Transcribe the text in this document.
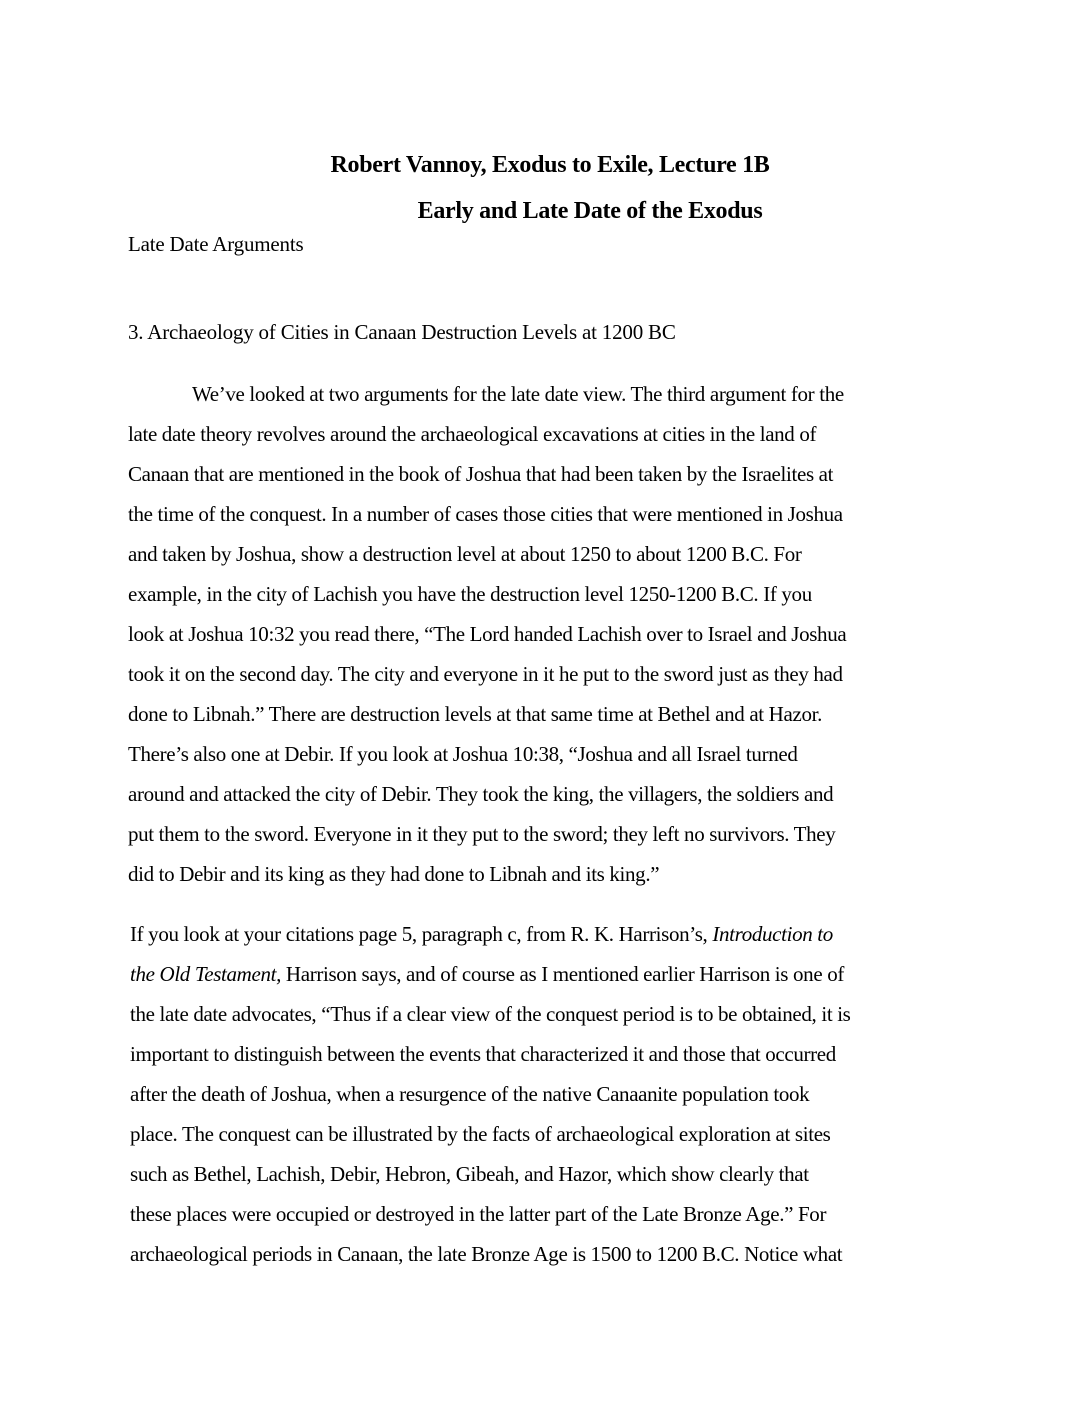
Robert Vannoy, Exodus to Exile, Lecture 1B
Early and Late Date of the Exodus
Late Date Arguments
3. Archaeology of Cities in Canaan Destruction Levels at 1200 BC
We’ve looked at two arguments for the late date view. The third argument for the
late date theory revolves around the archaeological excavations at cities in the land of
Canaan that are mentioned in the book of Joshua that had been taken by the Israelites at
the time of the conquest. In a number of cases those cities that were mentioned in Joshua
and taken by Joshua, show a destruction level at about 1250 to about 1200 B.C. For
example, in the city of Lachish you have the destruction level 1250-1200 B.C. If you
look at Joshua 10:32 you read there, “The Lord handed Lachish over to Israel and Joshua
took it on the second day. The city and everyone in it he put to the sword just as they had
done to Libnah.” There are destruction levels at that same time at Bethel and at Hazor.
There’s also one at Debir. If you look at Joshua 10:38, “Joshua and all Israel turned
around and attacked the city of Debir. They took the king, the villagers, the soldiers and
put them to the sword. Everyone in it they put to the sword; they left no survivors. They
did to Debir and its king as they had done to Libnah and its king.”
If you look at your citations page 5, paragraph c, from R. K. Harrison’s, Introduction to
the Old Testament, Harrison says, and of course as I mentioned earlier Harrison is one of
the late date advocates, “Thus if a clear view of the conquest period is to be obtained, it is
important to distinguish between the events that characterized it and those that occurred
after the death of Joshua, when a resurgence of the native Canaanite population took
place. The conquest can be illustrated by the facts of archaeological exploration at sites
such as Bethel, Lachish, Debir, Hebron, Gibeah, and Hazor, which show clearly that
these places were occupied or destroyed in the latter part of the Late Bronze Age.” For
archaeological periods in Canaan, the late Bronze Age is 1500 to 1200 B.C. Notice what
